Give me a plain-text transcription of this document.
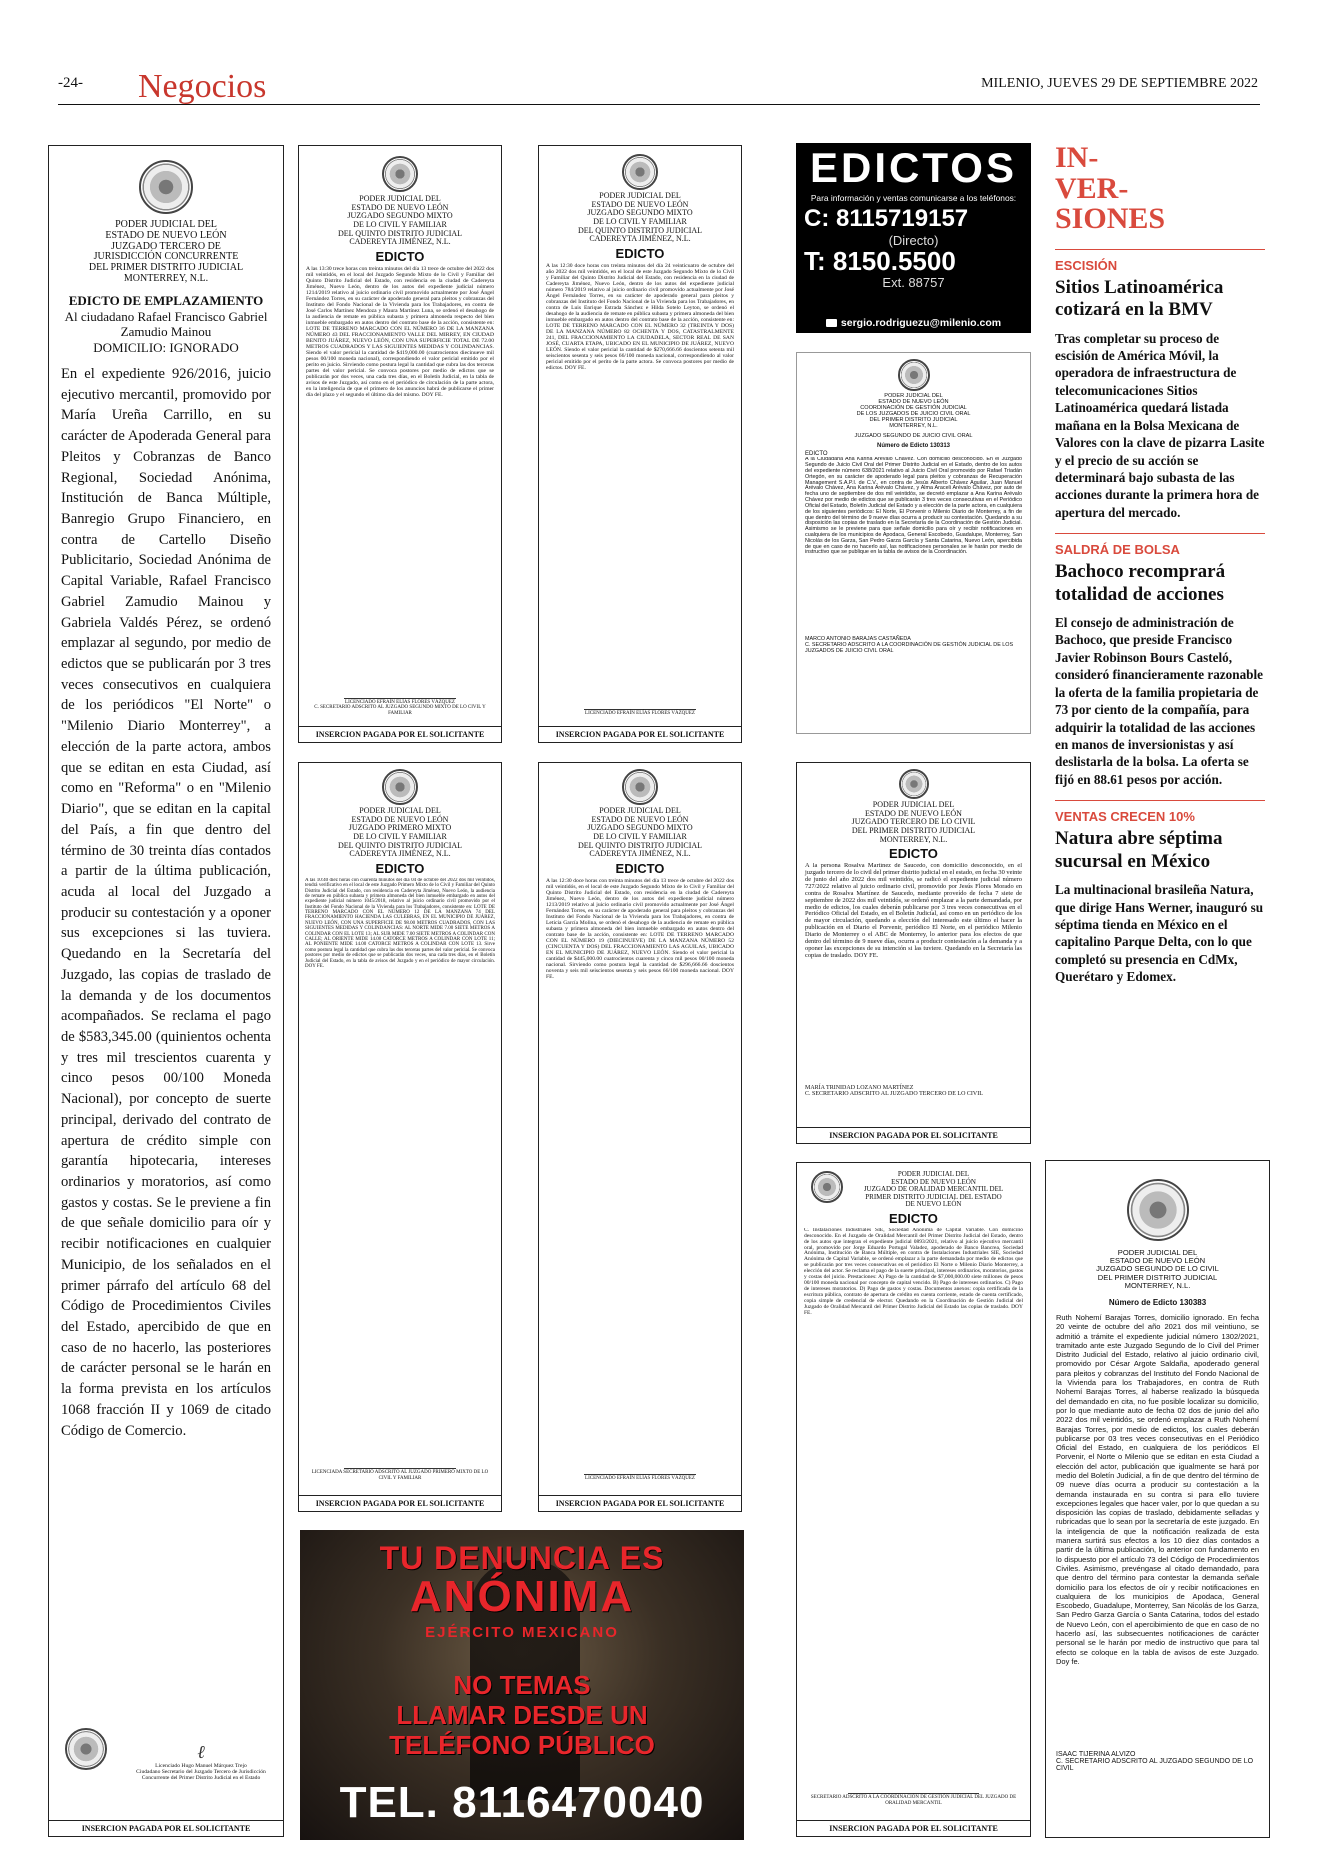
-24- Negocios	MILENIO, JUEVES 29 DE SEPTIEMBRE 2022
PODER JUDICIAL DEL
ESTADO DE NUEVO LEÓN
JUZGADO TERCERO DE
JURISDICCIÓN CONCURRENTE
DEL PRIMER DISTRITO JUDICIAL
MONTERREY, N.L.
EDICTO DE EMPLAZAMIENTO
Al ciudadano Rafael Francisco Gabriel Zamudio Mainou
DOMICILIO: IGNORADO
En el expediente 926/2016, juicio ejecutivo mercantil, promovido por María Ureña Carrillo, en su carácter de Apoderada General para Pleitos y Cobranzas de Banco Regional, Sociedad Anónima, Institución de Banca Múltiple, Banregio Grupo Financiero, en contra de Cartello Diseño Publicitario, Sociedad Anónima de Capital Variable, Rafael Francisco Gabriel Zamudio Mainou y Gabriela Valdés Pérez, se ordenó emplazar al segundo, por medio de edictos que se publicarán por 3 tres veces consecutivos en cualquiera de los periódicos "El Norte" o "Milenio Diario Monterrey", a elección de la parte actora, ambos que se editan en esta Ciudad, así como en "Reforma" o en "Milenio Diario", que se editan en la capital del País, a fin que dentro del término de 30 treinta días contados a partir de la última publicación, acuda al local del Juzgado a producir su contestación y a oponer sus excepciones si las tuviera. Quedando en la Secretaría del Juzgado, las copias de traslado de la demanda y de los documentos acompañados. Se reclama el pago de $583,345.00 (quinientos ochenta y tres mil trescientos cuarenta y cinco pesos 00/100 Moneda Nacional), por concepto de suerte principal, derivado del contrato de apertura de crédito simple con garantía hipotecaria, intereses ordinarios y moratorios, así como gastos y costas. Se le previene a fin de que señale domicilio para oír y recibir notificaciones en cualquier Municipio, de los señalados en el primer párrafo del artículo 68 del Código de Procedimientos Civiles del Estado, apercibido de que en caso de no hacerlo, las posteriores de carácter personal se le harán en la forma prevista en los artículos 1068 fracción II y 1069 de citado Código de Comercio.
ℓ
Licenciado Hugo Manuel Márquez Trejo
Ciudadano Secretario del Juzgado Tercero de Jurisdicción
Concurrente del Primer Distrito Judicial en el Estado
INSERCION PAGADA POR EL SOLICITANTE
PODER JUDICIAL DEL
ESTADO DE NUEVO LEÓN
JUZGADO SEGUNDO MIXTO
DE LO CIVIL Y FAMILIAR
DEL QUINTO DISTRITO JUDICIAL
CADEREYTA JIMÉNEZ, N.L.
EDICTO
A las 13:30 trece horas con treinta minutos del día 13 trece de octubre del 2022 dos mil veintidós, en el local del Juzgado Segundo Mixto de lo Civil y Familiar del Quinto Distrito Judicial del Estado, con residencia en la ciudad de Cadereyta Jiménez, Nuevo León, dentro de los autos del expediente judicial número 1214/2019 relativo al juicio ordinario civil promovido actualmente por José Ángel Fernández Torres, en su carácter de apoderado general para pleitos y cobranzas del Instituto del Fondo Nacional de la Vivienda para los Trabajadores, en contra de José Carlos Martínez Mendoza y Maura Martínez Luna, se ordenó el desahogo de la audiencia de remate en pública subasta y primera almoneda respecto del bien inmueble embargado en autos dentro del contrato base de la acción, consistente en: LOTE DE TERRENO MARCADO CON EL NÚMERO 36 DE LA MANZANA NÚMERO 43 DEL FRACCIONAMIENTO VALLE DEL MIRREY, EN CIUDAD BENITO JUÁREZ, NUEVO LEÓN, CON UNA SUPERFICIE TOTAL DE 72.00 METROS CUADRADOS Y LAS SIGUIENTES MEDIDAS Y COLINDANCIAS. Siendo el valor pericial la cantidad de $419,000.00 (cuatrocientos diecinueve mil pesos 00/100 moneda nacional), correspondiendo el valor pericial emitido por el perito en juicio. Sirviendo como postura legal la cantidad que cubra las dos terceras partes del valor pericial. Se convoca postores por medio de edictos que se publicarán por dos veces, una cada tres días, en el Boletín Judicial, en la tabla de avisos de este Juzgado, así como en el periódico de circulación de la parte actora, en la inteligencia de que el primero de los anuncios habrá de publicarse el primer día del plazo y el segundo el último día del mismo. DOY FE.
LICENCIADO EFRAÍN ELÍAS FLORES VÁZQUEZ
C. SECRETARIO ADSCRITO AL JUZGADO SEGUNDO MIXTO DE LO CIVIL Y FAMILIAR
INSERCION PAGADA POR EL SOLICITANTE
PODER JUDICIAL DEL
ESTADO DE NUEVO LEÓN
JUZGADO SEGUNDO MIXTO
DE LO CIVIL Y FAMILIAR
DEL QUINTO DISTRITO JUDICIAL
CADEREYTA JIMÉNEZ, N.L.
EDICTO
A las 12:30 doce horas con treinta minutos del día 24 veinticuatro de octubre del año 2022 dos mil veintidós, en el local de este Juzgado Segundo Mixto de lo Civil y Familiar del Quinto Distrito Judicial del Estado, con residencia en la ciudad de Cadereyta Jiménez, Nuevo León, dentro de los autos del expediente judicial número 784/2019 relativo al juicio ordinario civil promovido actualmente por José Ángel Fernández Torres, en su carácter de apoderado general para pleitos y cobranzas del Instituto del Fondo Nacional de la Vivienda para los Trabajadores, en contra de Luis Enrique Estrada Sánchez e Hilda Sotelo Leyton, se ordenó el desahogo de la audiencia de remate en pública subasta y primera almoneda del bien inmueble embargado en autos dentro del contrato base de la acción, consistente en: LOTE DE TERRENO MARCADO CON EL NÚMERO 32 (TREINTA Y DOS) DE LA MANZANA NÚMERO 82 OCHENTA Y DOS, CATASTRALMENTE 241, DEL FRACCIONAMIENTO LA CIUDADELA, SECTOR REAL DE SAN JOSÉ, CUARTA ETAPA, UBICADO EN EL MUNICIPIO DE JUÁREZ, NUEVO LEÓN. Siendo el valor pericial la cantidad de $270,666.66 doscientos setenta mil seiscientos sesenta y seis pesos 66/100 moneda nacional, correspondiendo al valor pericial emitido por el perito de la parte actora. Se convoca postores por medio de edictos. DOY FE.
LICENCIADO EFRAÍN ELÍAS FLORES VÁZQUEZ
INSERCION PAGADA POR EL SOLICITANTE
EDICTOS
Para información y ventas comunicarse a los teléfonos:
C: 8115719157
(Directo)
T: 8150.5500
Ext. 88757
sergio.rodriguezu@milenio.com
PODER JUDICIAL DEL
ESTADO DE NUEVO LEÓN
COORDINACIÓN DE GESTIÓN JUDICIAL
DE LOS JUZGADOS DE JUICIO CIVIL ORAL
DEL PRIMER DISTRITO JUDICIAL
MONTERREY, N.L.
JUZGADO SEGUNDO DE JUICIO CIVIL ORAL
Número de Edicto 130313
EDICTO
A la Ciudadana Ana Karina Arévalo Chávez. Con domicilio desconocido. En el Juzgado Segundo de Juicio Civil Oral del Primer Distrito Judicial en el Estado, dentro de los autos del expediente número 638/2021 relativo al Juicio Civil Oral promovido por Rafael Triadán Ortegón, en su carácter de apoderado legal para pleitos y cobranzas de Recuperación Management S.A.P.I. de C.V., en contra de Jesús Alberto Chávez Aguilar, Juan Manuel Arévalo Chávez, Ana Karina Arévalo Chávez, y Alma Araceli Arévalo Chávez, por auto de fecha uno de septiembre de dos mil veintidós, se decretó emplazar a Ana Karina Arévalo Chávez por medio de edictos que se publicarán 3 tres veces consecutivas en el Periódico Oficial del Estado, Boletín Judicial del Estado y a elección de la parte actora, en cualquiera de los siguientes periódicos: El Norte, El Porvenir o Milenio Diario de Monterrey, a fin de que dentro del término de 9 nueve días ocurra a producir su contestación. Quedando a su disposición las copias de traslado en la Secretaría de la Coordinación de Gestión Judicial. Asimismo se le previene para que señale domicilio para oír y recibir notificaciones en cualquiera de los municipios de Apodaca, General Escobedo, Guadalupe, Monterrey, San Nicolás de los Garza, San Pedro Garza García y Santa Catarina, Nuevo León, apercibida de que en caso de no hacerlo así, las notificaciones personales se le harán por medio de instructivo que se publique en la tabla de avisos de la Coordinación.
MARCO ANTONIO BARAJAS CASTAÑEDA
C. SECRETARIO ADSCRITO A LA COORDINACIÓN DE GESTIÓN JUDICIAL DE LOS JUZGADOS DE JUICIO CIVIL ORAL
PODER JUDICIAL DEL
ESTADO DE NUEVO LEÓN
JUZGADO PRIMERO MIXTO
DE LO CIVIL Y FAMILIAR
DEL QUINTO DISTRITO JUDICIAL
CADEREYTA JIMÉNEZ, N.L.
EDICTO
A las 10:40 diez horas con cuarenta minutos del día 04 de octubre del 2022 dos mil veintidós, tendrá verificativo en el local de este Juzgado Primero Mixto de lo Civil y Familiar del Quinto Distrito Judicial del Estado, con residencia en Cadereyta Jiménez, Nuevo León, la audiencia de remate en pública subasta y primera almoneda del bien inmueble embargado en autos del expediente judicial número 1045/2018, relativo al juicio ordinario civil promovido por el Instituto del Fondo Nacional de la Vivienda para los Trabajadores, consistente en: LOTE DE TERRENO MARCADO CON EL NÚMERO 12 DE LA MANZANA 74 DEL FRACCIONAMIENTO HACIENDA LAS CULEBRAS, EN EL MUNICIPIO DE JUÁREZ, NUEVO LEÓN, CON UNA SUPERFICIE DE 98.00 METROS CUADRADOS, CON LAS SIGUIENTES MEDIDAS Y COLINDANCIAS: AL NORTE MIDE 7.00 SIETE METROS A COLINDAR CON EL LOTE 13; AL SUR MIDE 7.00 SIETE METROS A COLINDAR CON CALLE; AL ORIENTE MIDE 14.00 CATORCE METROS A COLINDAR CON LOTE 11; AL PONIENTE MIDE 14.00 CATORCE METROS A COLINDAR CON LOTE 13. Sirve como postura legal la cantidad que cubra las dos terceras partes del valor pericial. Se convoca postores por medio de edictos que se publicarán dos veces, una cada tres días, en el Boletín Judicial del Estado, en la tabla de avisos del Juzgado y en el periódico de mayor circulación. DOY FE.
LICENCIADA SECRETARIO ADSCRITO AL JUZGADO PRIMERO MIXTO DE LO CIVIL Y FAMILIAR
INSERCION PAGADA POR EL SOLICITANTE
PODER JUDICIAL DEL
ESTADO DE NUEVO LEÓN
JUZGADO SEGUNDO MIXTO
DE LO CIVIL Y FAMILIAR
DEL QUINTO DISTRITO JUDICIAL
CADEREYTA JIMÉNEZ, N.L.
EDICTO
A las 12:30 doce horas con treinta minutos del día 13 trece de octubre del 2022 dos mil veintidós, en el local de este Juzgado Segundo Mixto de lo Civil y Familiar del Quinto Distrito Judicial del Estado, con residencia en la ciudad de Cadereyta Jiménez, Nuevo León, dentro de los autos del expediente judicial número 1213/2019 relativo al juicio ordinario civil promovido actualmente por José Ángel Fernández Torres, en su carácter de apoderado general para pleitos y cobranzas del Instituto del Fondo Nacional de la Vivienda para los Trabajadores, en contra de Leticia García Molina, se ordenó el desahogo de la audiencia de remate en pública subasta y primera almoneda del bien inmueble embargado en autos dentro del contrato base de la acción, consistente en: LOTE DE TERRENO MARCADO CON EL NÚMERO 19 (DIECINUEVE) DE LA MANZANA NÚMERO 52 (CINCUENTA Y DOS) DEL FRACCIONAMIENTO LAS AGUILAS, UBICADO EN EL MUNICIPIO DE JUÁREZ, NUEVO LEÓN. Siendo el valor pericial la cantidad de $445,000.00 cuatrocientos cuarenta y cinco mil pesos 00/100 moneda nacional. Sirviendo como postura legal la cantidad de $296,666.66 doscientos noventa y seis mil seiscientos sesenta y seis pesos 66/100 moneda nacional. DOY FE.
LICENCIADO EFRAÍN ELÍAS FLORES VÁZQUEZ
INSERCION PAGADA POR EL SOLICITANTE
PODER JUDICIAL DEL
ESTADO DE NUEVO LEÓN
JUZGADO TERCERO DE LO CIVIL
DEL PRIMER DISTRITO JUDICIAL
MONTERREY, N.L.
EDICTO
A la persona Rosalva Martínez de Saucedo, con domicilio desconocido, en el juzgado tercero de lo civil del primer distrito judicial en el estado, en fecha 30 veinte de junio del año 2022 dos mil veintidós, se radicó el expediente judicial número 727/2022 relativo al juicio ordinario civil, promovido por Jesús Flores Morado en contra de Rosalva Martínez de Saucedo, mediante proveído de fecha 7 siete de septiembre de 2022 dos mil veintidós, se ordenó emplazar a la parte demandada, por medio de edictos, los cuales deberán publicarse por 3 tres veces consecutivas en el Periódico Oficial del Estado, en el Boletín Judicial, así como en un periódico de los de mayor circulación, quedando a elección del interesado este último el hacer la publicación en el Diario el Porvenir, periódico El Norte, en el periódico Milenio Diario de Monterrey o el ABC de Monterrey, lo anterior para los efectos de que dentro del término de 9 nueve días, ocurra a producir contestación a la demanda y a oponer las excepciones de su intención si las tuviere. Quedando en la Secretaría las copias de traslado. DOY FE.
MARÍA TRINIDAD LOZANO MARTÍNEZ
C. SECRETARIO ADSCRITO AL JUZGADO TERCERO DE LO CIVIL
INSERCION PAGADA POR EL SOLICITANTE
PODER JUDICIAL DEL
ESTADO DE NUEVO LEÓN
JUZGADO DE ORALIDAD MERCANTIL DEL
PRIMER DISTRITO JUDICIAL DEL ESTADO
DE NUEVO LEÓN
EDICTO
C. Instalaciones Industriales SIE, Sociedad Anónima de Capital Variable. Con domicilio desconocido. En el Juzgado de Oralidad Mercantil del Primer Distrito Judicial del Estado, dentro de los autos que integran el expediente judicial 0893/2021, relativo al juicio ejecutivo mercantil oral, promovido por Jorge Eduardo Portugal Valadez, apoderado de Banco Bancrea, Sociedad Anónima, Institución de Banca Múltiple, en contra de Instalaciones Industriales SIE, Sociedad Anónima de Capital Variable, se ordenó emplazar a la parte demandada por medio de edictos que se publicarán por tres veces consecutivas en el periódico El Norte o Milenio Diario Monterrey, a elección del actor. Se reclama el pago de la suerte principal, intereses ordinarios, moratorios, gastos y costas del juicio. Prestaciones: A) Pago de la cantidad de $7,000,000.00 siete millones de pesos 00/100 moneda nacional por concepto de capital vencido. B) Pago de intereses ordinarios. C) Pago de intereses moratorios. D) Pago de gastos y costas. Documentos anexos: copia certificada de la escritura pública, contrato de apertura de crédito en cuenta corriente, estado de cuenta certificado, copia simple de credencial de elector. Quedando en la Coordinación de Gestión Judicial del Juzgado de Oralidad Mercantil del Primer Distrito Judicial del Estado las copias de traslado. DOY FE.
SECRETARIO ADSCRITO A LA COORDINACIÓN DE GESTIÓN JUDICIAL DEL JUZGADO DE ORALIDAD MERCANTIL
INSERCION PAGADA POR EL SOLICITANTE
TU DENUNCIA ES
ANÓNIMA
EJÉRCITO MEXICANO
NO TEMAS
LLAMAR DESDE UN
TELÉFONO PÚBLICO
TEL. 8116470040
IN- VER- SIONES
ESCISIÓN
Sitios Latinoamérica cotizará en la BMV
Tras completar su proceso de escisión de América Móvil, la operadora de infraestructura de telecomunicaciones Sitios Latinoamérica quedará listada mañana en la Bolsa Mexicana de Valores con la clave de pizarra Lasite y el precio de su acción se determinará bajo subasta de las acciones durante la primera hora de apertura del mercado.
SALDRÁ DE BOLSA
Bachoco recomprará totalidad de acciones
El consejo de administración de Bachoco, que preside Francisco Javier Robinson Bours Casteló, consideró financieramente razonable la oferta de la familia propietaria de 73 por ciento de la compañía, para adquirir la totalidad de las acciones en manos de inversionistas y así deslistarla de la bolsa. La oferta se fijó en 88.61 pesos por acción.
VENTAS CRECEN 10%
Natura abre séptima sucursal en México
La multinacional brasileña Natura, que dirige Hans Werner, inauguró su séptima tienda en México en el capitalino Parque Delta, con lo que completó su presencia en CdMx, Querétaro y Edomex.
PODER JUDICIAL DEL
ESTADO DE NUEVO LEÓN
JUZGADO SEGUNDO DE LO CIVIL
DEL PRIMER DISTRITO JUDICIAL
MONTERREY, N.L.
Número de Edicto 130383
Ruth Nohemí Barajas Torres, domicilio ignorado. En fecha 20 veinte de octubre del año 2021 dos mil veintiuno, se admitió a trámite el expediente judicial número 1302/2021, tramitado ante este Juzgado Segundo de lo Civil del Primer Distrito Judicial del Estado, relativo al juicio ordinario civil, promovido por César Argote Saldaña, apoderado general para pleitos y cobranzas del Instituto del Fondo Nacional de la Vivienda para los Trabajadores, en contra de Ruth Nohemí Barajas Torres, al haberse realizado la búsqueda del demandado en cita, no fue posible localizar su domicilio, por lo que mediante auto de fecha 02 dos de junio del año 2022 dos mil veintidós, se ordenó emplazar a Ruth Nohemí Barajas Torres, por medio de edictos, los cuales deberán publicarse por 03 tres veces consecutivas en el Periódico Oficial del Estado, en cualquiera de los periódicos El Porvenir, el Norte o Milenio que se editan en esta Ciudad a elección del actor, publicación que igualmente se hará por medio del Boletín Judicial, a fin de que dentro del término de 09 nueve días ocurra a producir su contestación a la demanda instaurada en su contra si para ello tuviere excepciones legales que hacer valer, por lo que quedan a su disposición las copias de traslado, debidamente selladas y rubricadas que lo sean por la secretaría de este juzgado. En la inteligencia de que la notificación realizada de esta manera surtirá sus efectos a los 10 diez días contados a partir de la última publicación, lo anterior con fundamento en lo dispuesto por el artículo 73 del Código de Procedimientos Civiles. Asimismo, prevéngase al citado demandado, para que dentro del término para contestar la demanda señale domicilio para los efectos de oír y recibir notificaciones en cualquiera de los municipios de Apodaca, General Escobedo, Guadalupe, Monterrey, San Nicolás de los Garza, San Pedro Garza García o Santa Catarina, todos del estado de Nuevo León, con el apercibimiento de que en caso de no hacerlo así, las subsecuentes notificaciones de carácter personal se le harán por medio de instructivo que para tal efecto se coloque en la tabla de avisos de este Juzgado. Doy fe.
ISAAC TIJERINA ALVIZO
C. SECRETARIO ADSCRITO AL JUZGADO SEGUNDO DE LO CIVIL
